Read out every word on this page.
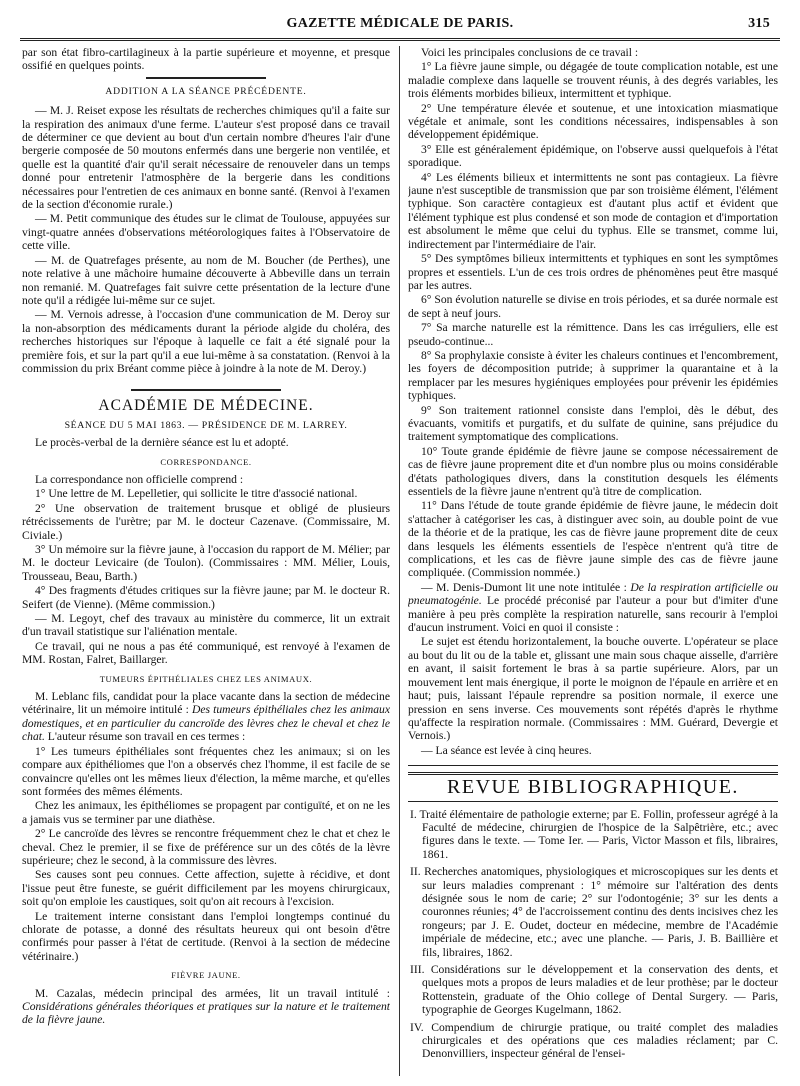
GAZETTE MÉDICALE DE PARIS.	315

par son état fibro-cartilagineux à la partie supérieure et moyenne, et presque ossifié en quelques points.

ADDITION A LA SÉANCE PRÉCÉDENTE.

— M. J. Reiset expose les résultats de recherches chimiques qu'il a faite sur la respiration des animaux d'une ferme. L'auteur s'est proposé dans ce travail de déterminer ce que devient au bout d'un certain nombre d'heures l'air d'une bergerie composée de 50 moutons enfermés dans une bergerie non ventilée, et quelle est la quantité d'air qu'il serait nécessaire de renouveler dans un temps donné pour entretenir l'atmosphère de la bergerie dans les conditions nécessaires pour l'entretien de ces animaux en bonne santé. (Renvoi à l'examen de la section d'économie rurale.)

— M. Petit communique des études sur le climat de Toulouse, appuyées sur vingt-quatre années d'observations météorologiques faites à l'Observatoire de cette ville.

— M. de Quatrefages présente, au nom de M. Boucher (de Perthes), une note relative à une mâchoire humaine découverte à Abbeville dans un terrain non remanié. M. Quatrefages fait suivre cette présentation de la lecture d'une note qu'il a rédigée lui-même sur ce sujet.

— M. Vernois adresse, à l'occasion d'une communication de M. Deroy sur la non-absorption des médicaments durant la période algide du choléra, des recherches historiques sur l'époque à laquelle ce fait a été signalé pour la première fois, et sur la part qu'il a eue lui-même à sa constatation. (Renvoi à la commission du prix Bréant comme pièce à joindre à la note de M. Deroy.)

ACADÉMIE DE MÉDECINE.
SÉANCE DU 5 MAI 1863. — PRÉSIDENCE DE M. LARREY.

Le procès-verbal de la dernière séance est lu et adopté.

CORRESPONDANCE.

La correspondance non officielle comprend :

1° Une lettre de M. Lepelletier, qui sollicite le titre d'associé national.

2° Une observation de traitement brusque et obligé de plusieurs rétrécissements de l'urètre; par M. le docteur Cazenave. (Commissaire, M. Civiale.)

3° Un mémoire sur la fièvre jaune, à l'occasion du rapport de M. Mélier; par M. le docteur Levicaire (de Toulon). (Commissaires : MM. Mélier, Louis, Trousseau, Beau, Barth.)

4° Des fragments d'études critiques sur la fièvre jaune; par M. le docteur R. Seifert (de Vienne). (Même commission.)

— M. Legoyt, chef des travaux au ministère du commerce, lit un extrait d'un travail statistique sur l'aliénation mentale.

Ce travail, qui ne nous a pas été communiqué, est renvoyé à l'examen de MM. Rostan, Falret, Baillarger.

TUMEURS ÉPITHÉLIALES CHEZ LES ANIMAUX.

M. Leblanc fils, candidat pour la place vacante dans la section de médecine vétérinaire, lit un mémoire intitulé : Des tumeurs épithéliales chez les animaux domestiques, et en particulier du cancroïde des lèvres chez le cheval et chez le chat. L'auteur résume son travail en ces termes :

1° Les tumeurs épithéliales sont fréquentes chez les animaux; si on les compare aux épithéliomes que l'on a observés chez l'homme, il est facile de se convaincre qu'elles ont les mêmes lieux d'élection, la même marche, et qu'elles sont formées des mêmes éléments.

Chez les animaux, les épithéliomes se propagent par contiguïté, et on ne les a jamais vus se terminer par une diathèse.

2° Le cancroïde des lèvres se rencontre fréquemment chez le chat et chez le cheval. Chez le premier, il se fixe de préférence sur un des côtés de la lèvre supérieure; chez le second, à la commissure des lèvres.

Ses causes sont peu connues. Cette affection, sujette à récidive, et dont l'issue peut être funeste, se guérit difficilement par les moyens chirurgicaux, soit qu'on emploie les caustiques, soit qu'on ait recours à l'excision.

Le traitement interne consistant dans l'emploi longtemps continué du chlorate de potasse, a donné des résultats heureux qui ont besoin d'être confirmés pour passer à l'état de certitude. (Renvoi à la section de médecine vétérinaire.)

FIÈVRE JAUNE.

M. Cazalas, médecin principal des armées, lit un travail intitulé : Considérations générales théoriques et pratiques sur la nature et le traitement de la fièvre jaune.

Voici les principales conclusions de ce travail :

1° La fièvre jaune simple, ou dégagée de toute complication notable, est une maladie complexe dans laquelle se trouvent réunis, à des degrés variables, les trois éléments morbides bilieux, intermittent et typhique.

2° Une température élevée et soutenue, et une intoxication miasmatique végétale et animale, sont les conditions nécessaires, indispensables à son développement épidémique.

3° Elle est généralement épidémique, on l'observe aussi quelquefois à l'état sporadique.

4° Les éléments bilieux et intermittents ne sont pas contagieux. La fièvre jaune n'est susceptible de transmission que par son troisième élément, l'élément typhique. Son caractère contagieux est d'autant plus actif et évident que l'élément typhique est plus condensé et son mode de contagion et d'importation est absolument le même que celui du typhus. Elle se transmet, comme lui, indirectement par l'intermédiaire de l'air.

5° Des symptômes bilieux intermittents et typhiques en sont les symptômes propres et essentiels. L'un de ces trois ordres de phénomènes peut être masqué par les autres.

6° Son évolution naturelle se divise en trois périodes, et sa durée normale est de sept à neuf jours.

7° Sa marche naturelle est la rémittence. Dans les cas irréguliers, elle est pseudo-continue...

8° Sa prophylaxie consiste à éviter les chaleurs continues et l'encombrement, les foyers de décomposition putride; à supprimer la quarantaine et à la remplacer par les mesures hygiéniques employées pour prévenir les épidémies typhiques.

9° Son traitement rationnel consiste dans l'emploi, dès le début, des évacuants, vomitifs et purgatifs, et du sulfate de quinine, sans préjudice du traitement symptomatique des complications.

10° Toute grande épidémie de fièvre jaune se compose nécessairement de cas de fièvre jaune proprement dite et d'un nombre plus ou moins considérable d'états pathologiques divers, dans la constitution desquels les éléments essentiels de la fièvre jaune n'entrent qu'à titre de complication.

11° Dans l'étude de toute grande épidémie de fièvre jaune, le médecin doit s'attacher à catégoriser les cas, à distinguer avec soin, au double point de vue de la théorie et de la pratique, les cas de fièvre jaune proprement dite de ceux dans lesquels les éléments essentiels de l'espèce n'entrent qu'à titre de complications, et les cas de fièvre jaune simple des cas de fièvre jaune compliquée. (Commission nommée.)

— M. Denis-Dumont lit une note intitulée : De la respiration artificielle ou pneumatogénie. Le procédé préconisé par l'auteur a pour but d'imiter d'une manière à peu près complète la respiration naturelle, sans recourir à l'emploi d'aucun instrument. Voici en quoi il consiste :

Le sujet est étendu horizontalement, la bouche ouverte. L'opérateur se place au bout du lit ou de la table et, glissant une main sous chaque aisselle, d'arrière en avant, il saisit fortement le bras à sa partie supérieure. Alors, par un mouvement lent mais énergique, il porte le moignon de l'épaule en arrière et en haut; puis, laissant l'épaule reprendre sa position normale, il exerce une pression en sens inverse. Ces mouvements sont répétés d'après le rhythme qu'affecte la respiration normale. (Commissaires : MM. Guérard, Devergie et Vernois.)

— La séance est levée à cinq heures.

REVUE BIBLIOGRAPHIQUE.

I. Traité élémentaire de pathologie externe; par E. Follin, professeur agrégé à la Faculté de médecine, chirurgien de l'hospice de la Salpêtrière, etc.; avec figures dans le texte. — Tome Ier. — Paris, Victor Masson et fils, libraires, 1861.

II. Recherches anatomiques, physiologiques et microscopiques sur les dents et sur leurs maladies comprenant : 1° mémoire sur l'altération des dents désignée sous le nom de carie; 2° sur l'odontogénie; 3° sur les dents a couronnes réunies; 4° de l'accroissement continu des dents incisives chez les rongeurs; par J. E. Oudet, docteur en médecine, membre de l'Académie impériale de médecine, etc.; avec une planche. — Paris, J. B. Baillière et fils, libraires, 1862.

III. Considérations sur le développement et la conservation des dents, et quelques mots a propos de leurs maladies et de leur prothèse; par le docteur Rottenstein, graduate of the Ohio college of Dental Surgery. — Paris, typographie de Georges Kugelmann, 1862.

IV. Compendium de chirurgie pratique, ou traité complet des maladies chirurgicales et des opérations que ces maladies réclament; par C. Denonvilliers, inspecteur général de l'ensei-
